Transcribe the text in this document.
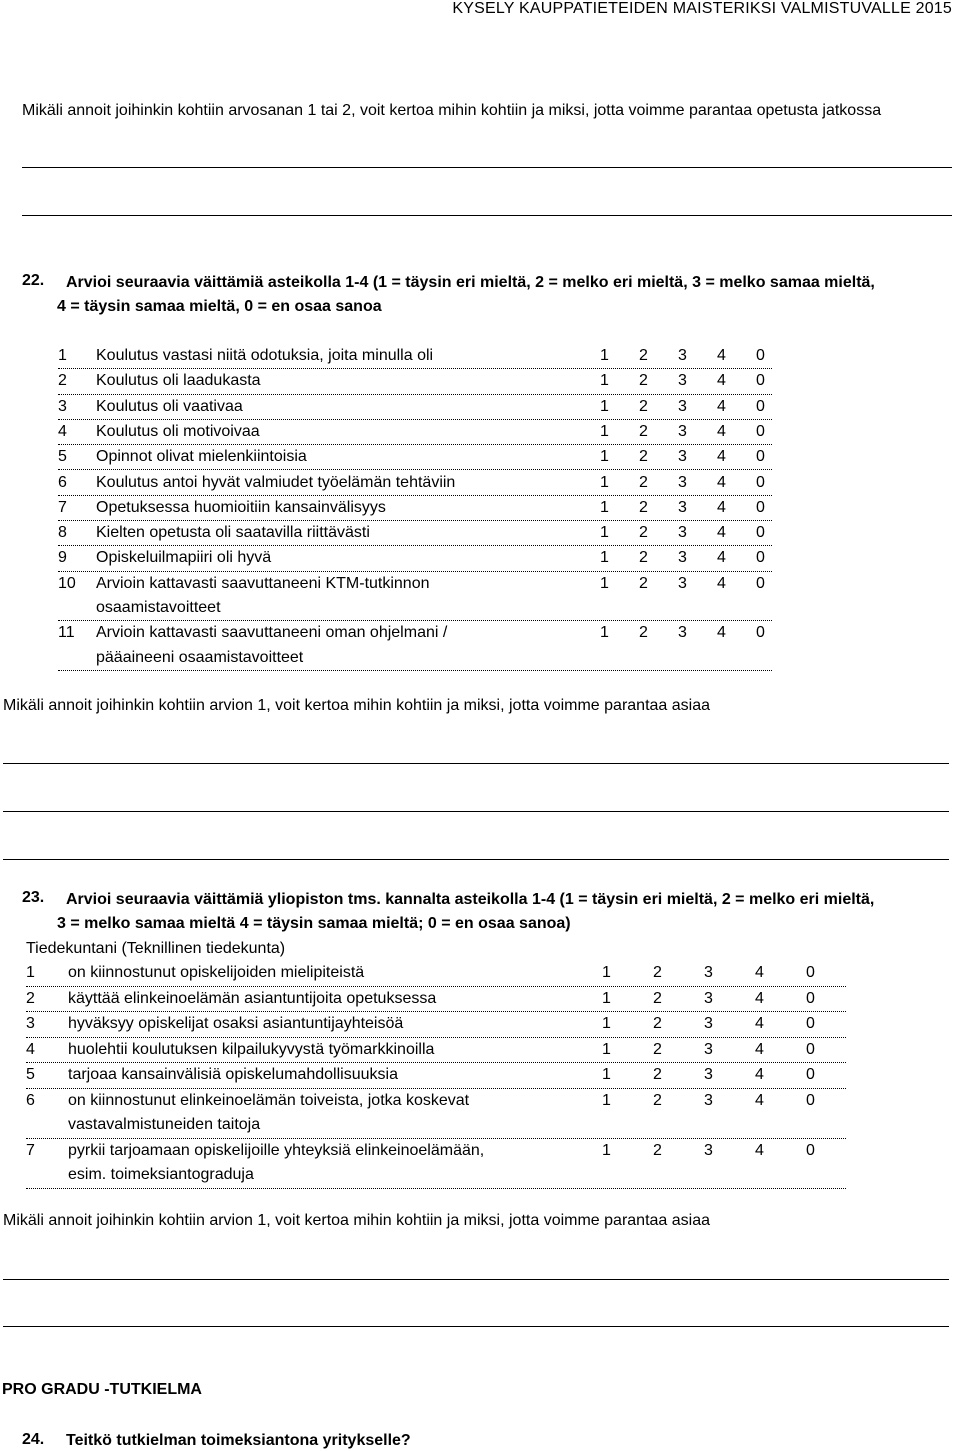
KYSELY KAUPPATIETEIDEN MAISTERIKSI VALMISTUVALLE 2015
Mikäli annoit joihinkin kohtiin arvosanan 1 tai 2, voit kertoa mihin kohtiin ja miksi, jotta voimme parantaa opetusta jatkossa
22. Arvioi seuraavia väittämiä asteikolla 1-4 (1 = täysin eri mieltä, 2 = melko eri mieltä, 3 = melko samaa mieltä,
4 = täysin samaa mieltä, 0 = en osaa sanoa
1 Koulutus vastasi niitä odotuksia, joita minulla oli	1	2	3	4	0
2 Koulutus oli laadukasta	1	2	3	4	0
3 Koulutus oli vaativaa	1	2	3	4	0
4 Koulutus oli motivoivaa	1	2	3	4	0
5 Opinnot olivat mielenkiintoisia	1	2	3	4	0
6 Koulutus antoi hyvät valmiudet työelämän tehtäviin	1	2	3	4	0
7 Opetuksessa huomioitiin kansainvälisyys	1	2	3	4	0
8 Kielten opetusta oli saatavilla riittävästi	1	2	3	4	0
9 Opiskeluilmapiiri oli hyvä	1	2	3	4	0
10 Arvioin kattavasti saavuttaneeni KTM-tutkinnon
osaamistavoitteet
1	2	3	4	0
11 Arvioin kattavasti saavuttaneeni oman ohjelmani /
pääaineeni osaamistavoitteet
1	2	3	4	0
Mikäli annoit joihinkin kohtiin arvion 1, voit kertoa mihin kohtiin ja miksi, jotta voimme parantaa asiaa
23. Arvioi seuraavia väittämiä yliopiston tms. kannalta asteikolla 1-4 (1 = täysin eri mieltä, 2 = melko eri mieltä,
3 = melko samaa mieltä 4 = täysin samaa mieltä; 0 = en osaa sanoa)
Tiedekuntani (Teknillinen tiedekunta)
1 on kiinnostunut opiskelijoiden mielipiteistä	1	2	3	4	0
2 käyttää elinkeinoelämän asiantuntijoita opetuksessa	1	2	3	4	0
3 hyväksyy opiskelijat osaksi asiantuntijayhteisöä	1	2	3	4	0
4 huolehtii koulutuksen kilpailukyvystä työmarkkinoilla	1	2	3	4	0
5 tarjoaa kansainvälisiä opiskelumahdollisuuksia	1	2	3	4	0
6 on kiinnostunut elinkeinoelämän toiveista, jotka koskevat
vastavalmistuneiden taitoja
1	2	3	4	0
7 pyrkii tarjoamaan opiskelijoille yhteyksiä elinkeinoelämään,
esim. toimeksiantograduja
1	2	3	4	0
Mikäli annoit joihinkin kohtiin arvion 1, voit kertoa mihin kohtiin ja miksi, jotta voimme parantaa asiaa
PRO GRADU -TUTKIELMA
24. Teitkö tutkielman toimeksiantona yritykselle?
